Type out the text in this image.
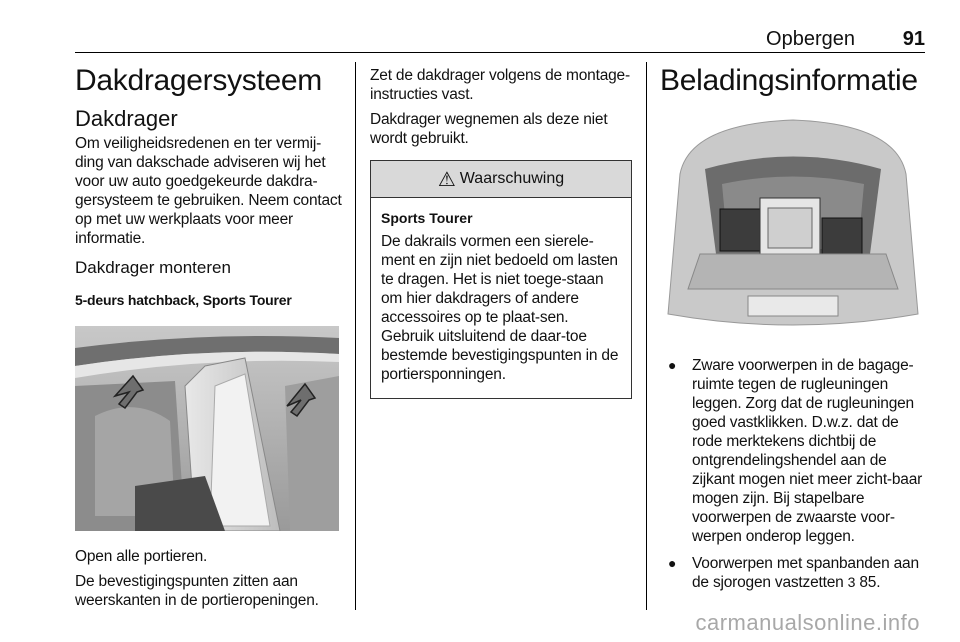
Opbergen 91
Dakdragersysteem
Dakdrager

Om veiligheidsredenen en ter vermij-ding van dakschade adviseren wij het voor uw auto goedgekeurde dakdra-gersysteem te gebruiken. Neem contact op met uw werkplaats voor meer informatie.

Dakdrager monteren
5-deurs hatchback, Sports Tourer

Open alle portieren.

De bevestigingspunten zitten aan weerskanten in de portieropeningen.

Zet de dakdrager volgens de montage-instructies vast.

Dakdrager wegnemen als deze niet wordt gebruikt.

⚠ Waarschuwing
Sports Tourer

De dakrails vormen een sierele-ment en zijn niet bedoeld om lasten te dragen. Het is niet toege-staan om hier dakdragers of andere accessoires op te plaat-sen. Gebruik uitsluitend de daar-toe bestemde bevestigingspunten in de portiersponningen.

Beladingsinformatie
● Zware voorwerpen in de bagage-ruimte tegen de rugleuningen leggen. Zorg dat de rugleuningen goed vastklikken. D.w.z. dat de rode merktekens dichtbij de ontgrendelingshendel aan de zijkant mogen niet meer zicht-baar mogen zijn. Bij stapelbare voorwerpen de zwaarste voor-werpen onderop leggen.
● Voorwerpen met spanbanden aan de sjorogen vastzetten 3 85.
carmanualsonline.info
